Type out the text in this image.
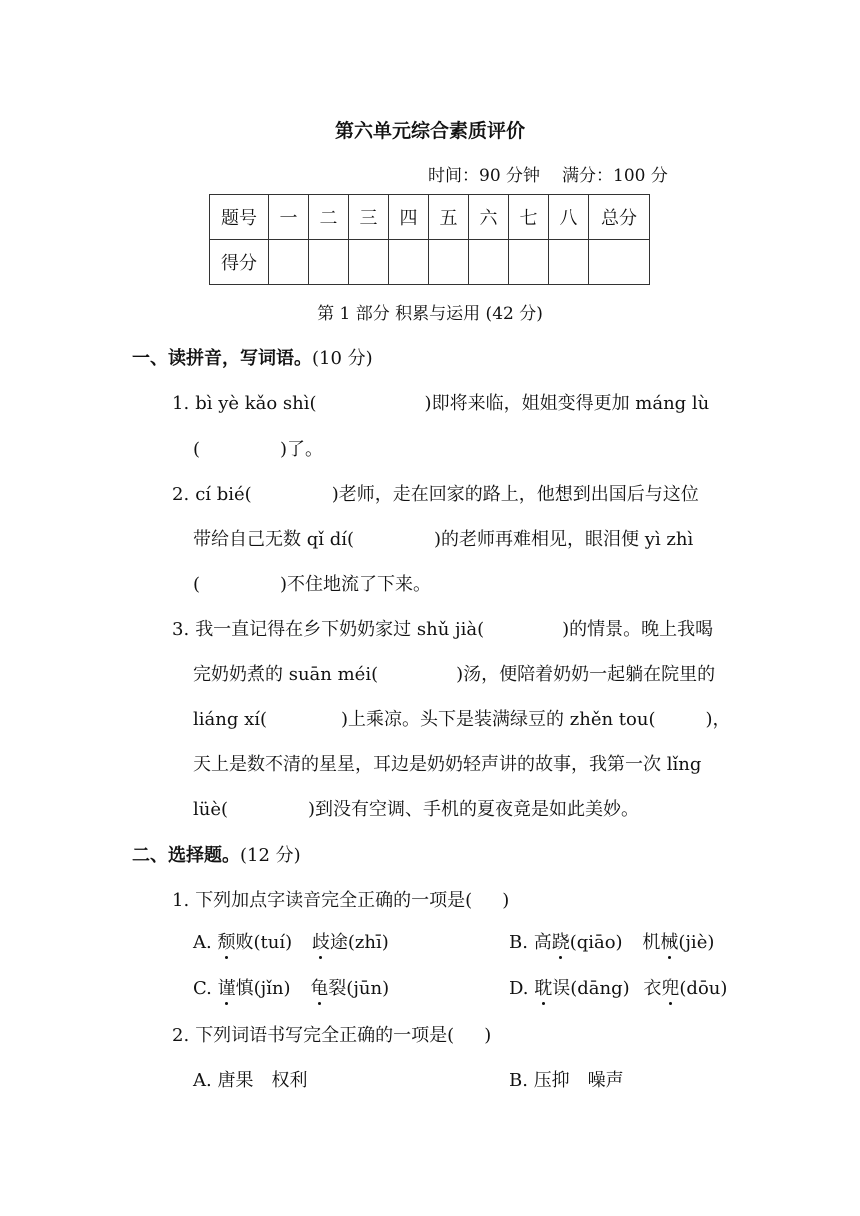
第六单元综合素质评价
时间：90 分钟 满分：100 分
题号	一	二	三	四	五	六	七	八	总分
得分									
第 1 部分 积累与运用 (42 分)
一、读拼音，写词语。(10 分)
1. bì yè kǎo shì(	)即将来临，姐姐变得更加 máng lù
(	)了。
2. cí bié(	)老师，走在回家的路上，他想到出国后与这位
带给自己无数 qǐ dí(	)的老师再难相见，眼泪便 yì zhì
(	)不住地流了下来。
3. 我一直记得在乡下奶奶家过 shǔ jià(	)的情景。晚上我喝
完奶奶煮的 suān méi(	)汤，便陪着奶奶一起躺在院里的
liáng xí(	)上乘凉。头下是装满绿豆的 zhěn tou(	)，
天上是数不清的星星，耳边是奶奶轻声讲的故事，我第一次 lǐng
lüè(	)到没有空调、手机的夏夜竟是如此美妙。
二、选择题。(12 分)
1. 下列加点字读音完全正确的一项是( )
A. 颓败(tuí) 歧途(zhī)	B. 高跷(qiāo) 机械(jiè)
C. 谨慎(jǐn) 龟裂(jūn)	D. 耽误(dāng) 衣兜(dōu)
2. 下列词语书写完全正确的一项是( )
A. 唐果　权利	B. 压抑　噪声
